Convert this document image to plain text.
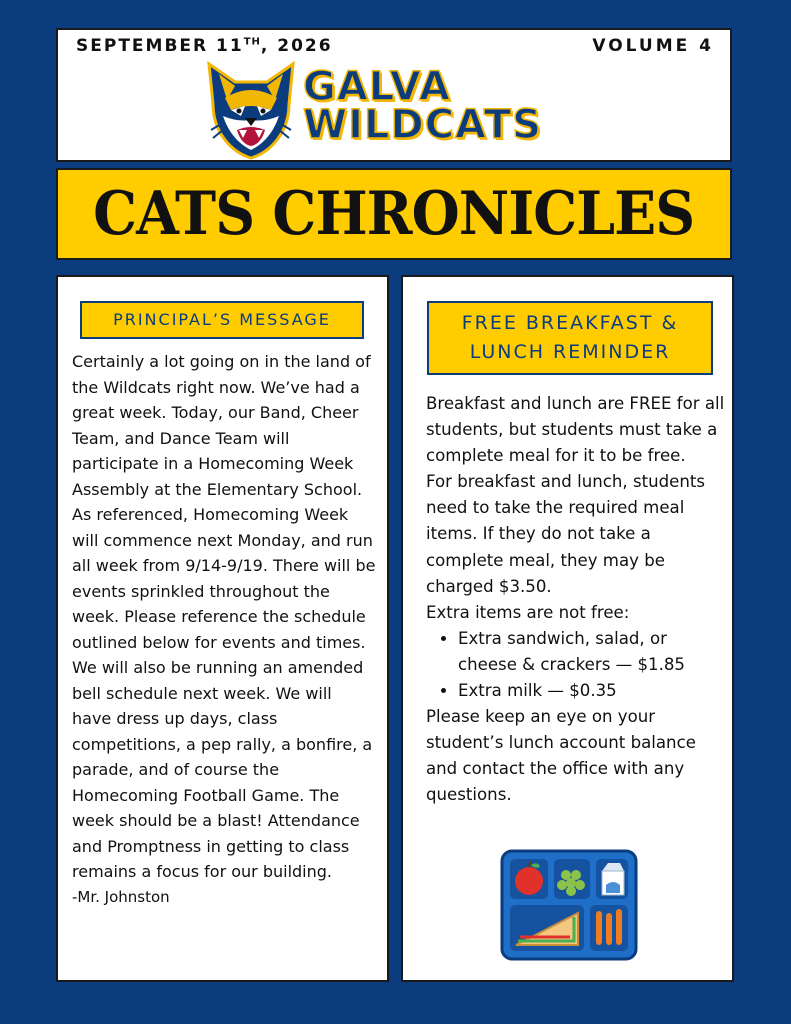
SEPTEMBER 11TH, 2026	VOLUME 4
GALVA
WILDCATS
CATS CHRONICLES
PRINCIPAL’S MESSAGE

Certainly a lot going on in the land of the Wildcats right now. We’ve had a great week. Today, our Band, Cheer Team, and Dance Team will participate in a Homecoming Week Assembly at the Elementary School. As referenced, Homecoming Week will commence next Monday, and run all week from 9/14-9/19. There will be events sprinkled throughout the week. Please reference the schedule outlined below for events and times. We will also be running an amended bell schedule next week. We will have dress up days, class competitions, a pep rally, a bonfire, a parade, and of course the Homecoming Football Game. The week should be a blast! Attendance and Promptness in getting to class remains a focus for our building.

-Mr. Johnston

FREE BREAKFAST &
LUNCH REMINDER

Breakfast and lunch are FREE for all students, but students must take a complete meal for it to be free.

For breakfast and lunch, students need to take the required meal items. If they do not take a complete meal, they may be charged $3.50.

Extra items are not free:

• Extra sandwich, salad, or cheese & crackers — $1.85
• Extra milk — $0.35

Please keep an eye on your student’s lunch account balance and contact the office with any questions.
